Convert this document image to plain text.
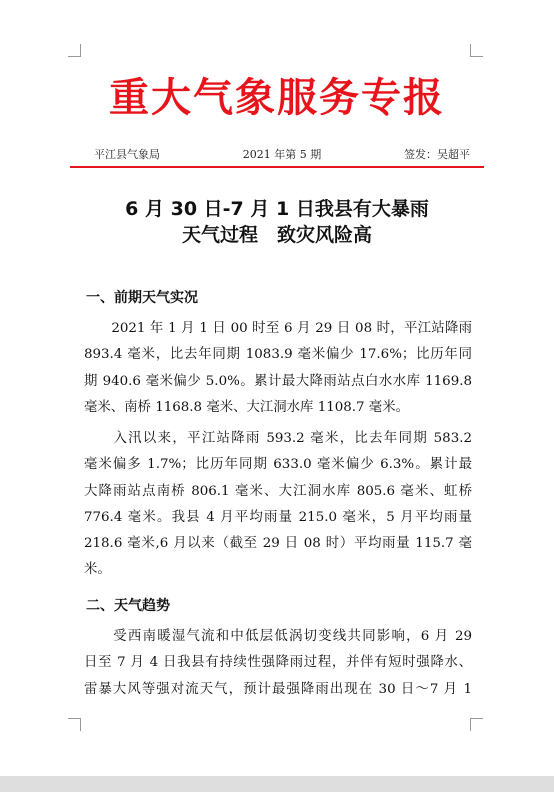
重大气象服务专报
平江县气象局	2021 年第 5 期	签发：吴超平
6 月 30 日-7 月 1 日我县有大暴雨
天气过程　致灾风险高
一、前期天气实况
　　2021 年 1 月 1 日 00 时至 6 月 29 日 08 时，平江站降雨
893.4 毫米，比去年同期 1083.9 毫米偏少 17.6%；比历年同
期 940.6 毫米偏少 5.0%。累计最大降雨站点白水水库 1169.8
毫米、南桥 1168.8 毫米、大江洞水库 1108.7 毫米。
　　入汛以来，平江站降雨 593.2 毫米，比去年同期 583.2
毫米偏多 1.7%；比历年同期 633.0 毫米偏少 6.3%。累计最
大降雨站点南桥 806.1 毫米、大江洞水库 805.6 毫米、虹桥
776.4 毫米。我县 4 月平均雨量 215.0 毫米，5 月平均雨量
218.6 毫米,6 月以来（截至 29 日 08 时）平均雨量 115.7 毫
米。
二、天气趋势
　　受西南暖湿气流和中低层低涡切变线共同影响，6 月 29
日至 7 月 4 日我县有持续性强降雨过程，并伴有短时强降水、
雷暴大风等强对流天气，预计最强降雨出现在 30 日～7 月 1
